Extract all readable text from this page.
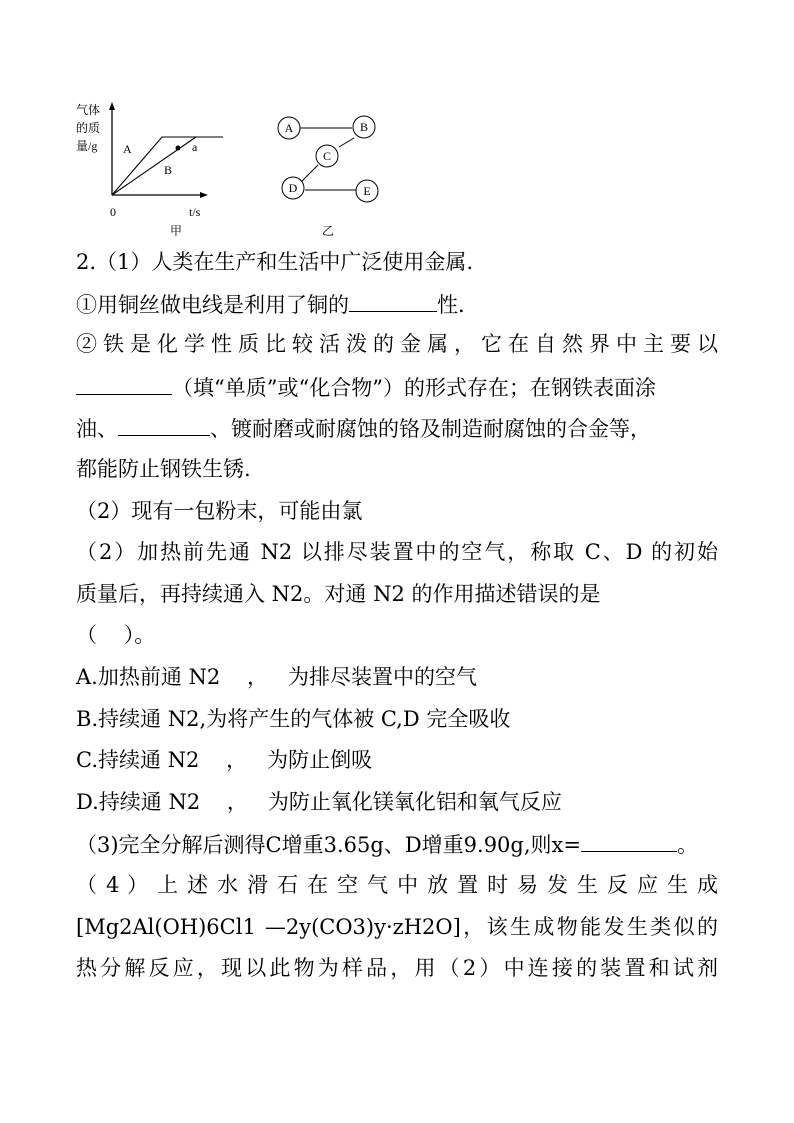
气体
的质
量/g A
B
a
0	t/s
甲
A	B
C
D	E
乙
2.（1）人类在生产和生活中广泛使用金属.
①用铜丝做电线是利用了铜的	性.
②铁是化学性质比较活泼的金属，它在自然界中主要以
（填“单质”或“化合物”）的形式存在；在钢铁表面涂
油、	、镀耐磨或耐腐蚀的铬及制造耐腐蚀的合金等，
都能防止钢铁生锈.
（2）现有一包粉末，可能由氯
（2）加热前先通 N2 以排尽装置中的空气，称取 C、D 的初始
质量后，再持续通入 N2。对通 N2 的作用描述错误的是
（    ）。
A.加热前通 N2    ，   为排尽装置中的空气
B.持续通 N2,为将产生的气体被 C,D 完全吸收
C.持续通 N2    ，   为防止倒吸
D.持续通 N2    ，   为防止氧化镁氧化铝和氧气反应
（3)完全分解后测得C增重3.65g、D增重9.90g,则x=	。
（ 4 ） 上 述 水 滑 石 在 空 气 中 放 置 时 易 发 生 反 应 生 成
[Mg2Al(OH)6Cl1 —2y(CO3)y·zH2O]，该生成物能发生类似的
热分解反应，现以此物为样品，用（2）中连接的装置和试剂
